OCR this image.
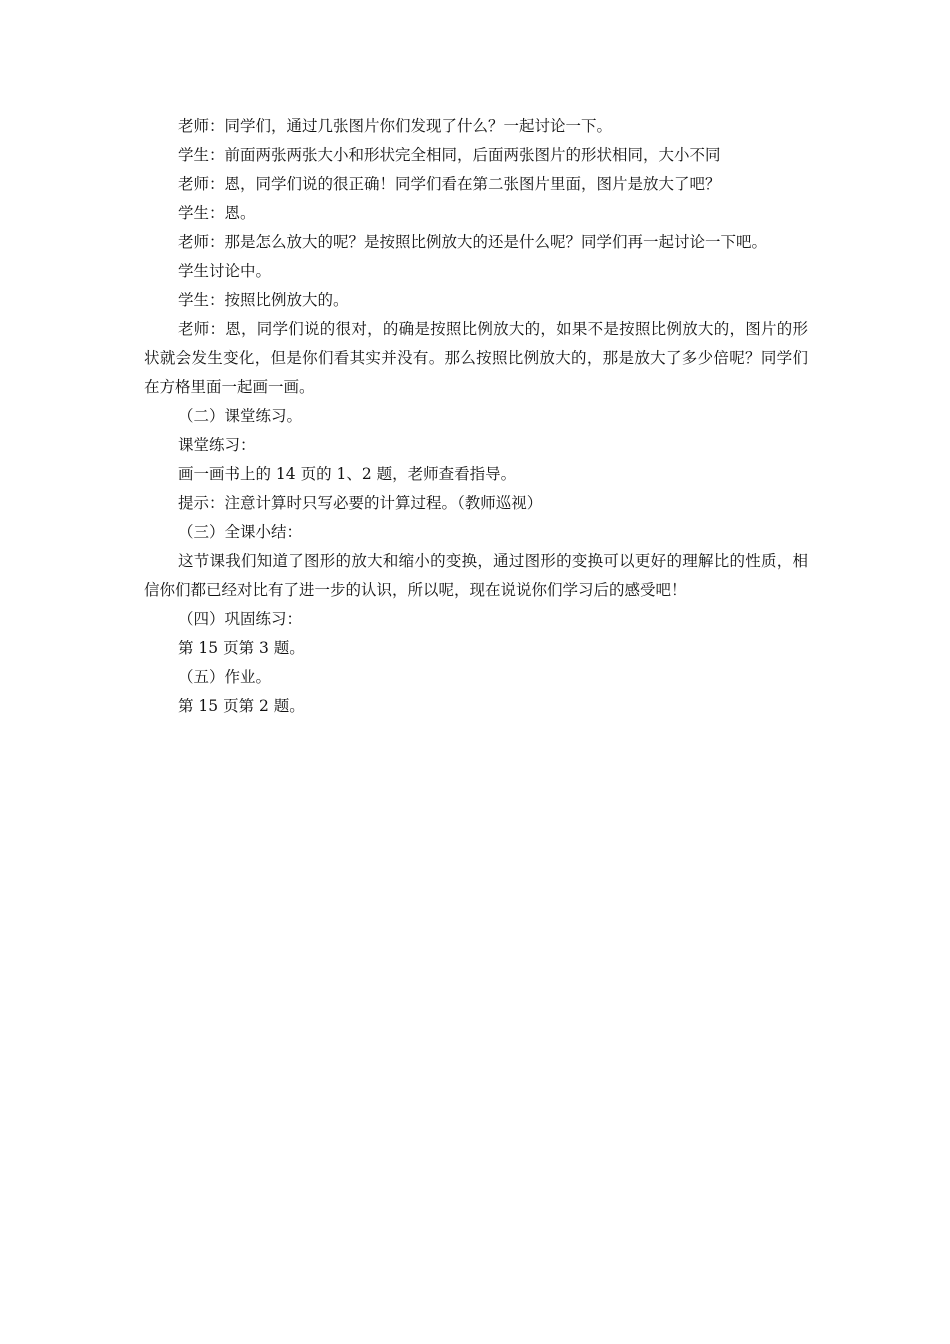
老师：同学们，通过几张图片你们发现了什么？一起讨论一下。

学生：前面两张两张大小和形状完全相同，后面两张图片的形状相同，大小不同

老师：恩，同学们说的很正确！同学们看在第二张图片里面，图片是放大了吧？

学生：恩。

老师：那是怎么放大的呢？是按照比例放大的还是什么呢？同学们再一起讨论一下吧。

学生讨论中。

学生：按照比例放大的。

老师：恩，同学们说的很对，的确是按照比例放大的，如果不是按照比例放大的，图片的形状就会发生变化，但是你们看其实并没有。那么按照比例放大的，那是放大了多少倍呢？同学们在方格里面一起画一画。

（二）课堂练习。

课堂练习：

画一画书上的 14 页的 1、2 题，老师查看指导。

提示：注意计算时只写必要的计算过程。（教师巡视）

（三）全课小结：

这节课我们知道了图形的放大和缩小的变换，通过图形的变换可以更好的理解比的性质，相信你们都已经对比有了进一步的认识，所以呢，现在说说你们学习后的感受吧！

（四）巩固练习：

第 15 页第 3 题。

（五）作业。

第 15 页第 2 题。
